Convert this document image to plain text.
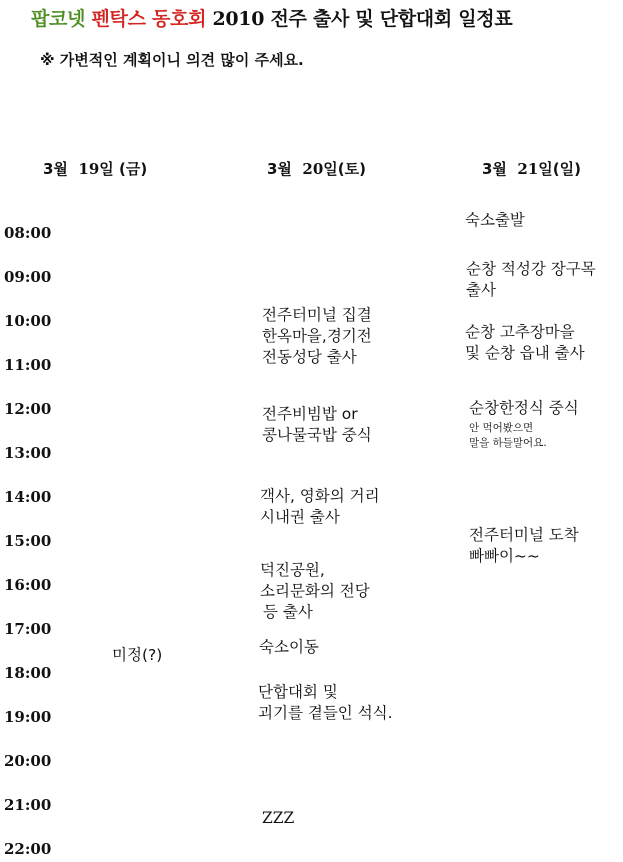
팝코넷 펜탁스 동호회 2010 전주 출사 및 단합대회 일정표
※ 가변적인 계획이니 의견 많이 주세요.
3월 19일 (금)	3월 20일(토)	3월 21일(일)
08:00
09:00
10:00
11:00
12:00
13:00
14:00
15:00
16:00
17:00
18:00
19:00
20:00
21:00
22:00
미정(?)
전주터미널 집결
한옥마을,경기전
전동성당 출사
전주비빔밥 or
콩나물국밥 중식
객사, 영화의 거리
시내권 출사
덕진공원,
소리문화의 전당
등 출사
숙소이동
단합대회 및
괴기를 곁들인 석식.
ZZZ
숙소출발
순창 적성강 장구목
출사
순창 고추장마을
및 순창 읍내 출사
순창한정식 중식
안 먹어봤으면
말을 하들말어요.
전주터미널 도착
빠빠이~~
